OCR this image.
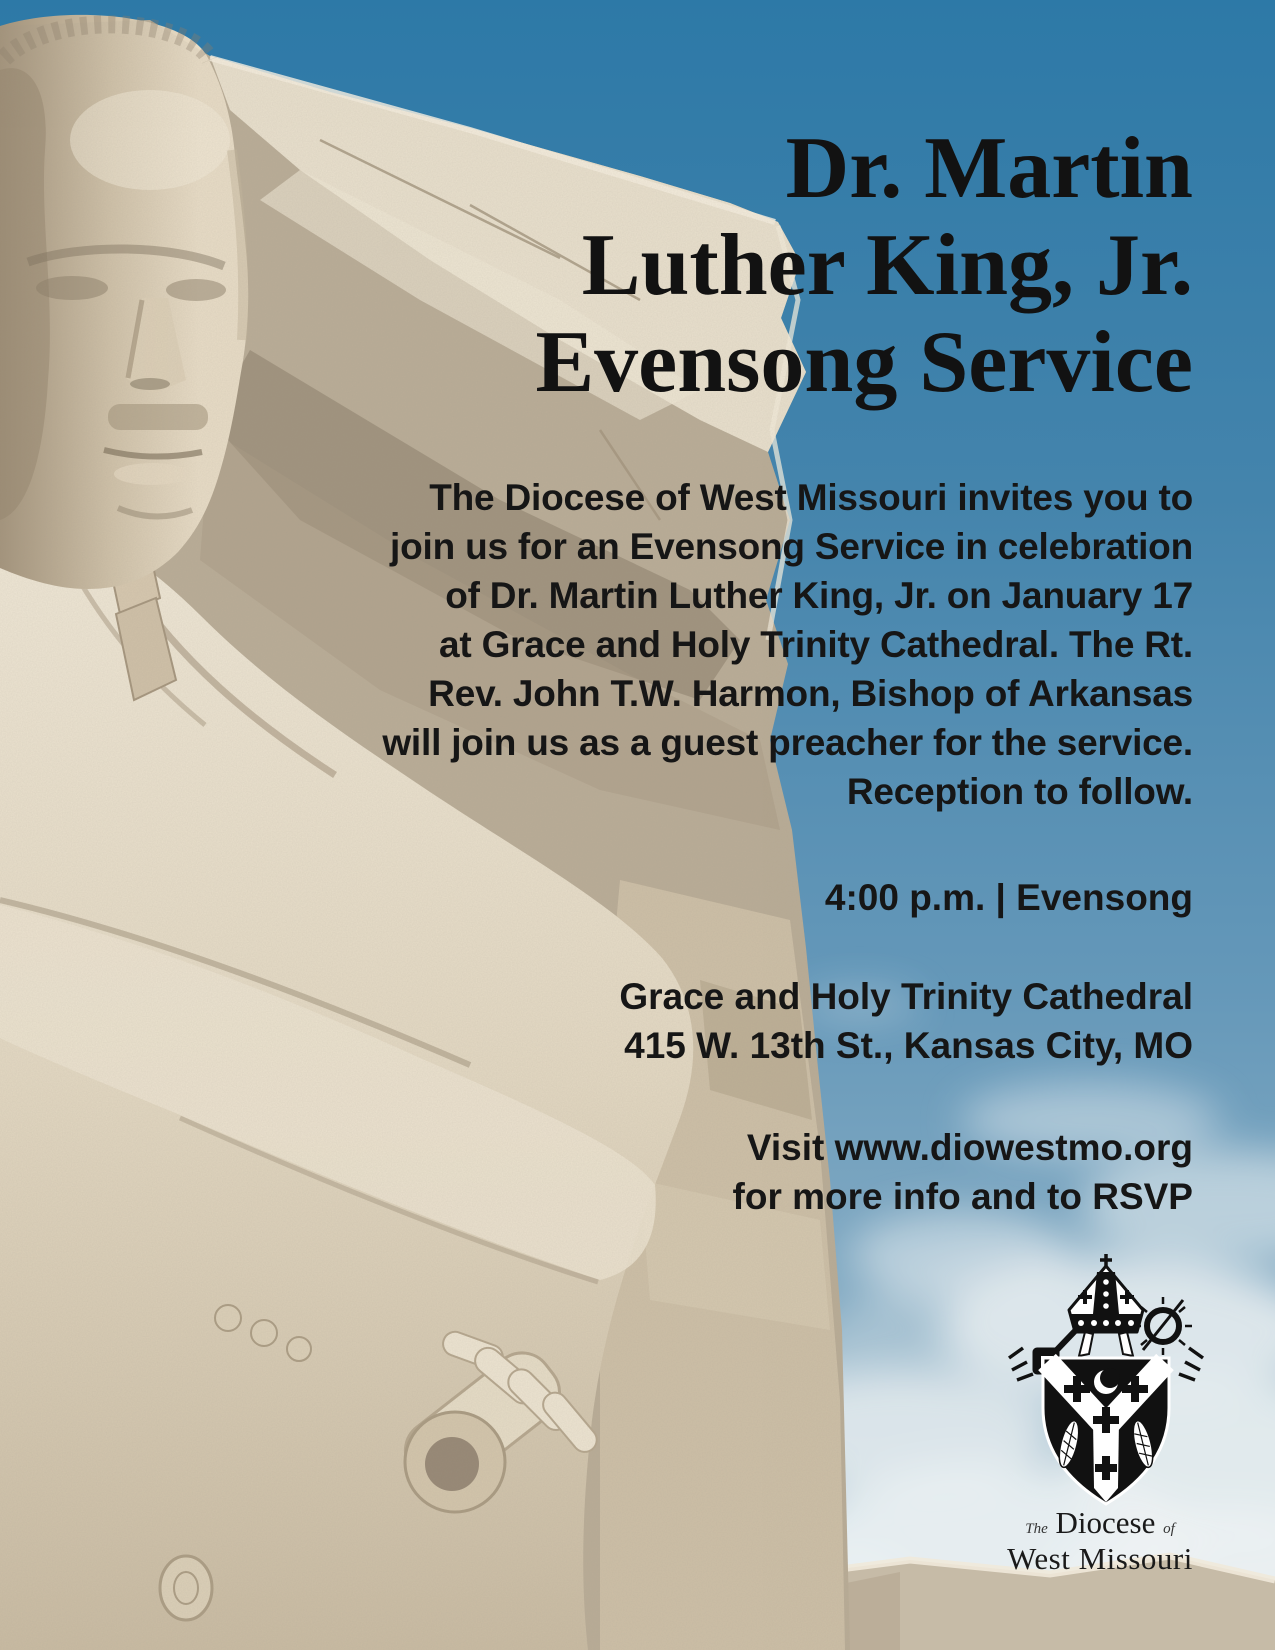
Dr. Martin
Luther King, Jr.
Evensong Service
The Diocese of West Missouri invites you to
join us for an Evensong Service in celebration
of Dr. Martin Luther King, Jr. on January 17
at Grace and Holy Trinity Cathedral. The Rt.
Rev. John T.W. Harmon, Bishop of Arkansas
will join us as a guest preacher for the service.
Reception to follow.
4:00 p.m. | Evensong
Grace and Holy Trinity Cathedral
415 W. 13th St., Kansas City, MO
Visit www.diowestmo.org
for more info and to RSVP
The Diocese of
West Missouri
